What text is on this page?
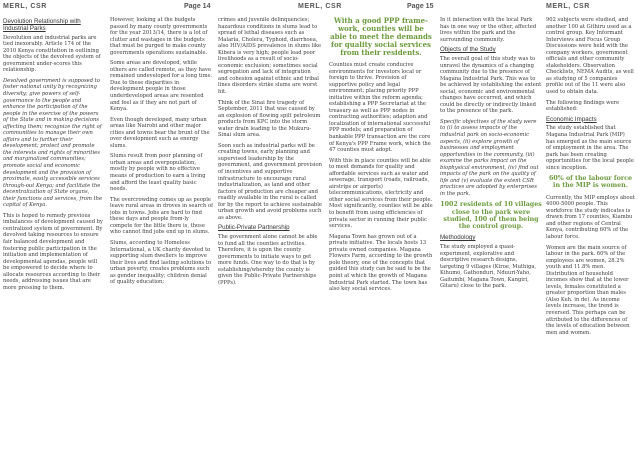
MERL, CSR	Page 14	MERL, CSR	Page 15	MERL, CSR
Devolution Relationship with Industrial Parks

Devolution and industrial parks are tied inexorably. Article 174 of the 2010 Kenya constitution in outlining the objects of the devolved system of government under-scores this relationship.

Devolved government is supposed to foster national unity by recognizing diversity; give powers of self-governance to the people and enhance the participation of the people in the exercise of the powers of the State and in making decisions affecting them; recognize the right of communities to manage their own affairs and to further their development; protect and promote the interests and rights of minorities and marginalized communities; promote social and economic development and the provision of proximate, easily accessible services through-out Kenya; and facilitate the decentralization of State organs, their functions and services, from the capital of Kenya.

This is hoped to remedy previous imbalances of development caused by centralized system of government. By devolved taking resources to ensure fair balanced development and fostering public participation in the initiation and implementation of developmental agendas, people will be empowered to decide where to allocate resources according to their needs, addressing issues that are more pressing to them.

However, looking at the budgets passed by many county governments for the year 2013/14, there is a lot of clutter and wastages in the budgets that must be purged to make county governments operations sustainable.

Some areas are developed, while others are called remote, as they have remained undeveloped for a long time. Due to these disparities in development people in those underdeveloped areas are resented and feel as if they are not part of Kenya.

Even though developed, many urban areas like Nairobi and other major cities and towns bear the brunt of the over development such as energy slums.

Slums result from poor planning of urban areas and overpopulation, mostly by people with no effective means of production to earn a living and afford the least quality basic needs.

The overcrowding comes up as people leave rural areas in droves in search of jobs in towns. Jobs are hard to find these days and people from-ly compete for the little there is, those who cannot find jobs end up in slums.

Slums, according to Homeless International, a UK charity devoted to supporting slum dwellers to improve their lives and find lasting solutions to urban poverty, creates problems such as gender inequality; children denial of quality education;

crimes and juvenile delinquencies; hazardous conditions in slums lead to spread of lethal diseases such as Malaria, Cholera, Typhoid, diarrhoea, also HIV/AIDS prevalence in slums like Kibera is very high; people lead poor livelihoods as a result of socio-economic exclusion; sometimes social segregation and lack of integration and cohesion against ethnic and tribal lines disorders strike slums are worst hit.

Think of the Sinai fire tragedy of September, 2011 that was caused by an explosion of flowing spilt petroleum products from KPC into the storm water drain leading to the Mukuru-Sinai slum area.

Soon such as industrial parks will be creating towns, early planning and supervised leadership by the government, and government provision of incentives and supportive infrastructure to encourage rural industrialization, as land and other factors of production are cheaper and readily available in the rural is called for by the report to achieve sustainable urban growth and avoid problems such as above.

Public-Private Partnership

The government alone cannot be able to fund all the counties activities. Therefore, it is upon the county governments to initiate ways to get more funds. One way to do that is by establishing/whereby the county is given the Public-Private Partnerships (PPPs).

With a good PPP frame-work, counties will be able to meet the demands for quality social services from their residents.

Counties must create conducive environments for investors local or foreign to thrive. Provision of supportive policy and legal environment; placing priority PPP initiative within the reform agenda; establishing a PPP Secretariat at the treasury as well as PPP nodes in contracting authorities; adaption and localization of international successful PPP models; and preparation of bankable PPP transaction are the core of Kenya's PPP Frame work, which the 47 counties must adopt.

With this in place counties will be able to meet demands for quality and affordable services such as water and sewerage, transport (roads, railroads, airstrips or airports) telecommunications, electricity and other social services from their people. Most significantly, counties will be able to benefit from using efficiencies of private sector in running their public services.

Magana Town has grown out of a private initiative. The locals hosts 13 private owned companies. Magana Flowers Farm, according to the growth pole theory, one of the concepts that guided this study can be said to be the point at which the growth of Magana Industrial Park started. The town has also key social services.

In it interaction with the local Park has in one way or the other, affected lives within the park and the surrounding community.

Objects of the Study

The overall goal of this study was to unravel the dynamics of a changing community due to the presence of Magana Industrial Park. This was to be achieved by establishing the extent social, economic and environmental changes have occurred, and which could be directly or indirectly linked to the presence of the park.

Specific objectives of the study were to (i) to assess impacts of the industrial park on socio-economic aspects, (ii) explore growth of businesses and employment opportunities in the community, (iii) examine the parks impact on the biophysical environment, (iv) find out impacts of the park on the quality of life and (v) evaluate the extent CSR practices are adopted by enterprises in the park.

1002 residents of 10 villages close to the park were studied, 100 of them being the control group.

Methodology

The study employed a quasi-experiment, explorative and descriptive research designs, targeting 9 villages (Kiroe, Muthiga, Kihumo, Gathonduri, Nduuri-Yaho, Gaitumbi, Magana Town, Kangiri, Gitaru) close to the park.

902 subjects were studied, and another 100 at Githiru used as a control group. Key Informant Interviews and Focus Group Discussions were held with the company workers, government officials and other community stakeholders. Observation Checklists, NEMA Audits, as well as studying of 5 companies profile out of the 11 were also used to obtain data.

The following findings were established:

Economic Impacts

The study established that Magana Industrial Park (MIP) has emerged as the main source of employment in the area. The park has been creating opportunities for the local people since inception.

60% of the labour force in the MIP is women.

Currently, the MIP employs about 4000-5000 people. This workforce the study indicates is drawn from 17 counties, Kiambu and other regions of Central Kenya, contributing 60% of the labour force.

Women are the main source of labour in the park. 60% of the employees are women, 28.2% youth and 11.8% men. Distribution of household incomes show that at the lower levels, females constituted a greater proportion than males (Also Keh. in de). As income levels increase, the trend is reversed. This perhaps can be attributed to the differences of the levels of education between men and women.
